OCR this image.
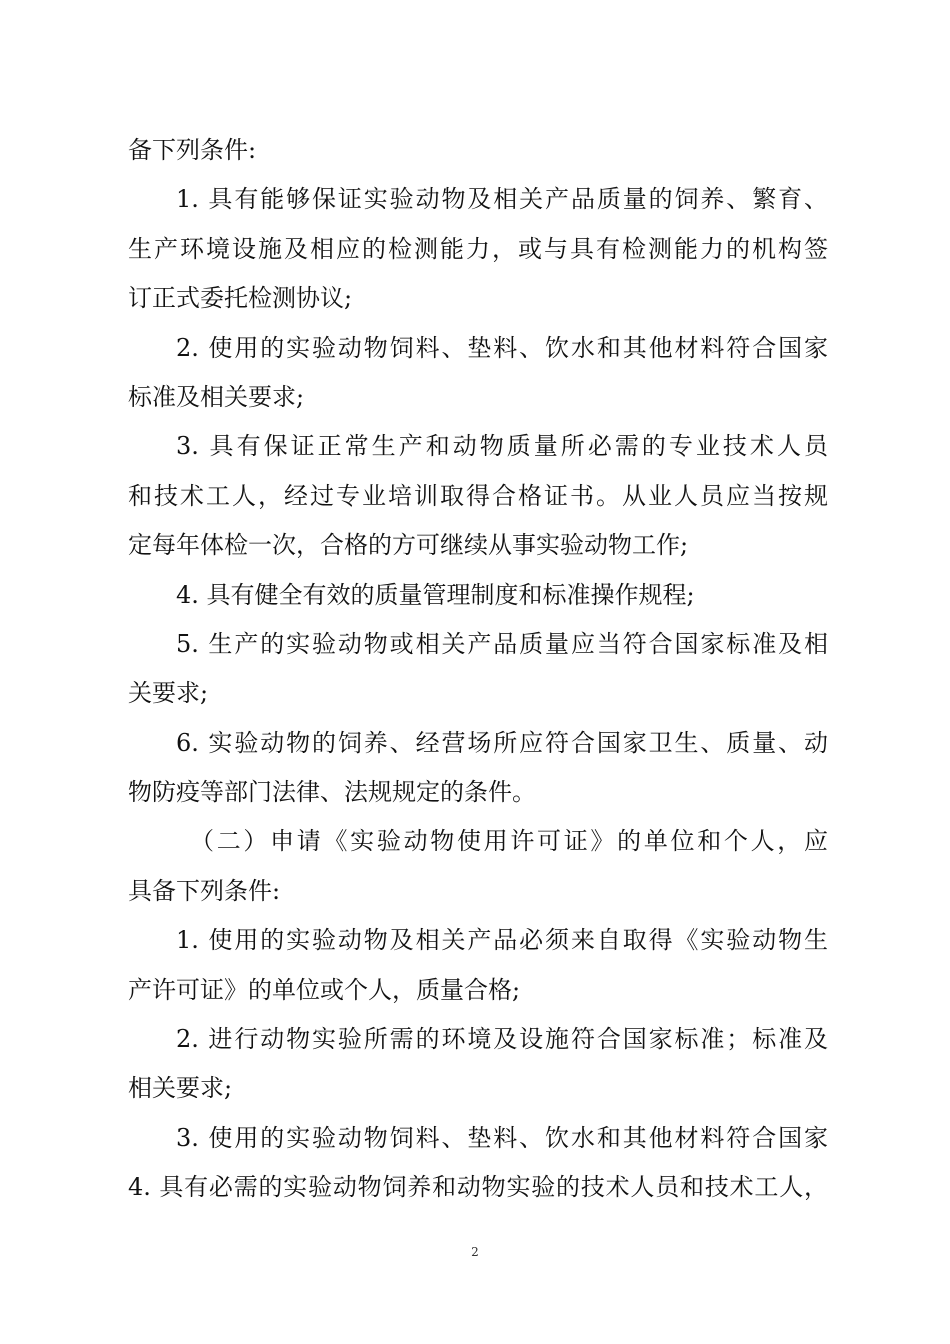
备下列条件:

1. 具有能够保证实验动物及相关产品质量的饲养、繁育、

生产环境设施及相应的检测能力，或与具有检测能力的机构签

订正式委托检测协议;

2. 使用的实验动物饲料、垫料、饮水和其他材料符合国家

标准及相关要求;

3. 具有保证正常生产和动物质量所必需的专业技术人员

和技术工人，经过专业培训取得合格证书。从业人员应当按规

定每年体检一次，合格的方可继续从事实验动物工作;

4. 具有健全有效的质量管理制度和标准操作规程;

5. 生产的实验动物或相关产品质量应当符合国家标准及相

关要求;

6. 实验动物的饲养、经营场所应符合国家卫生、质量、动

物防疫等部门法律、法规规定的条件。

（二）申请《实验动物使用许可证》的单位和个人，应

具备下列条件:

1. 使用的实验动物及相关产品必须来自取得《实验动物生

产许可证》的单位或个人，质量合格;

2. 进行动物实验所需的环境及设施符合国家标准；标准及

相关要求;

3. 使用的实验动物饲料、垫料、饮水和其他材料符合国家

4. 具有必需的实验动物饲养和动物实验的技术人员和技术工人，

2
